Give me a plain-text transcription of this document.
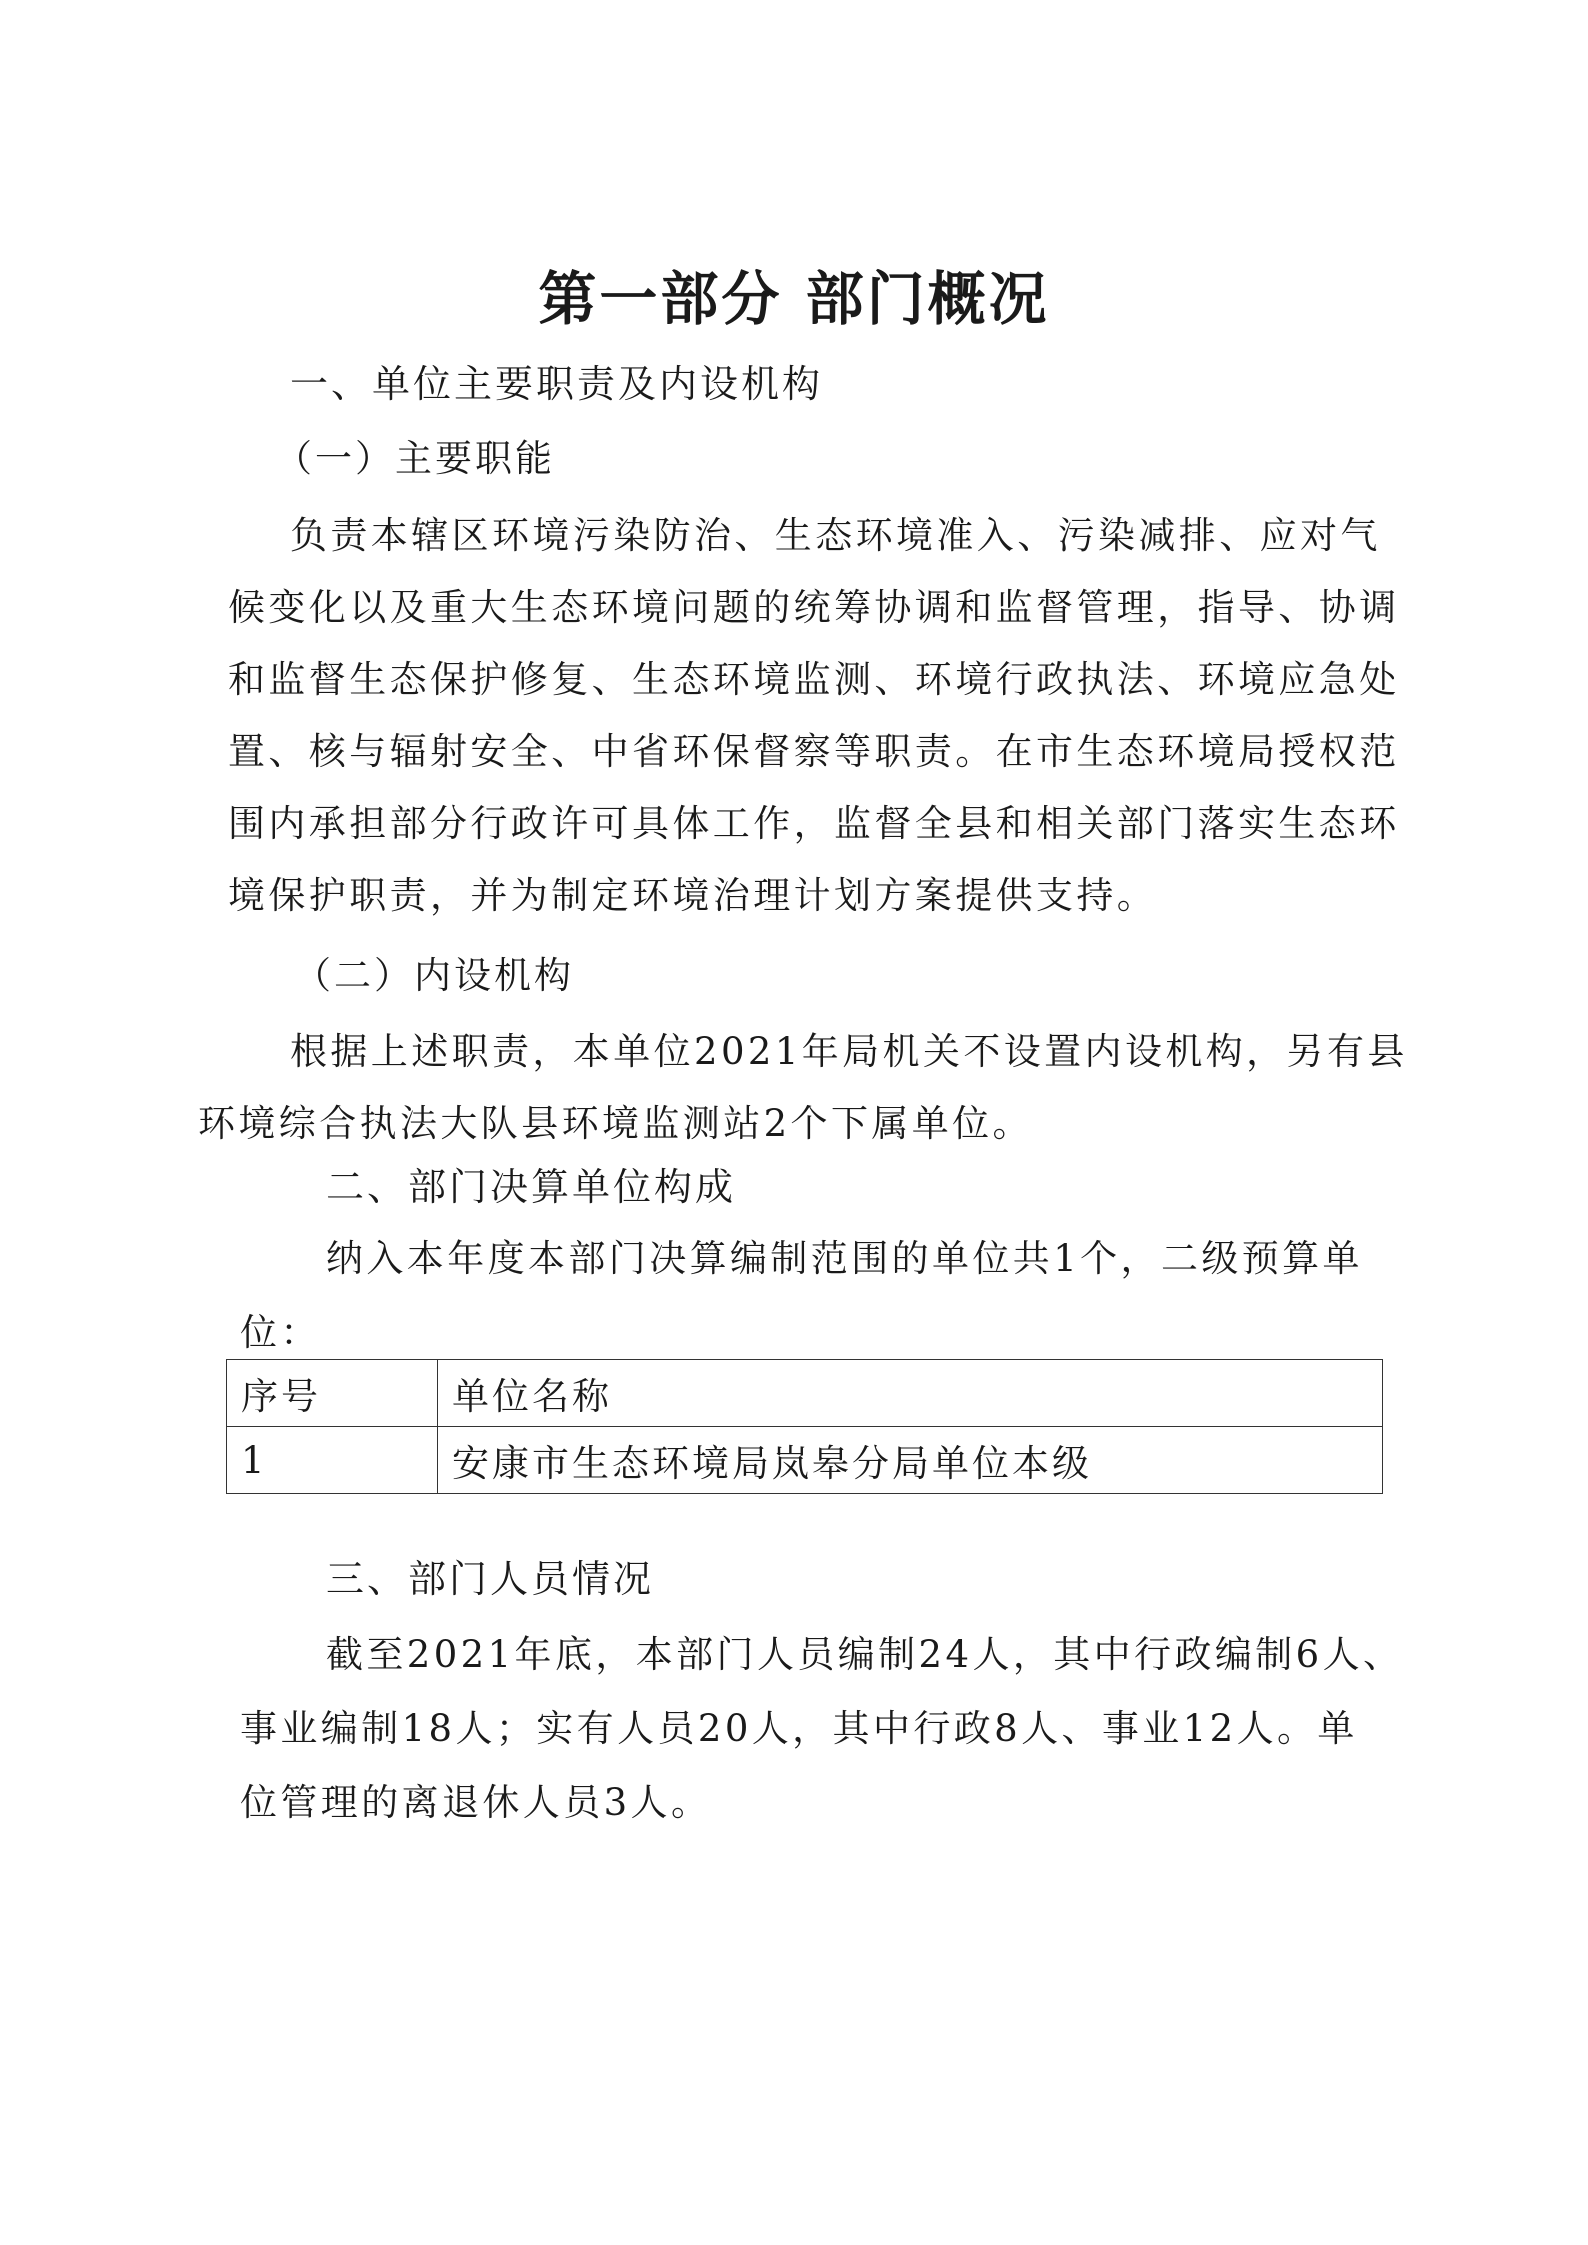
第一部分 部门概况
一、单位主要职责及内设机构
（一）主要职能
负责本辖区环境污染防治、生态环境准入、污染减排、应对气
候变化以及重大生态环境问题的统筹协调和监督管理，指导、协调
和监督生态保护修复、生态环境监测、环境行政执法、环境应急处
置、核与辐射安全、中省环保督察等职责。在市生态环境局授权范
围内承担部分行政许可具体工作，监督全县和相关部门落实生态环
境保护职责，并为制定环境治理计划方案提供支持。
（二）内设机构
根据上述职责，本单位2021年局机关不设置内设机构，另有县
环境综合执法大队县环境监测站2个下属单位。
二、部门决算单位构成
纳入本年度本部门决算编制范围的单位共1个，二级预算单
位：
序号	单位名称
1	安康市生态环境局岚皋分局单位本级
三、部门人员情况
截至2021年底，本部门人员编制24人，其中行政编制6人、
事业编制18人；实有人员20人，其中行政8人、事业12人。单
位管理的离退休人员3人。
